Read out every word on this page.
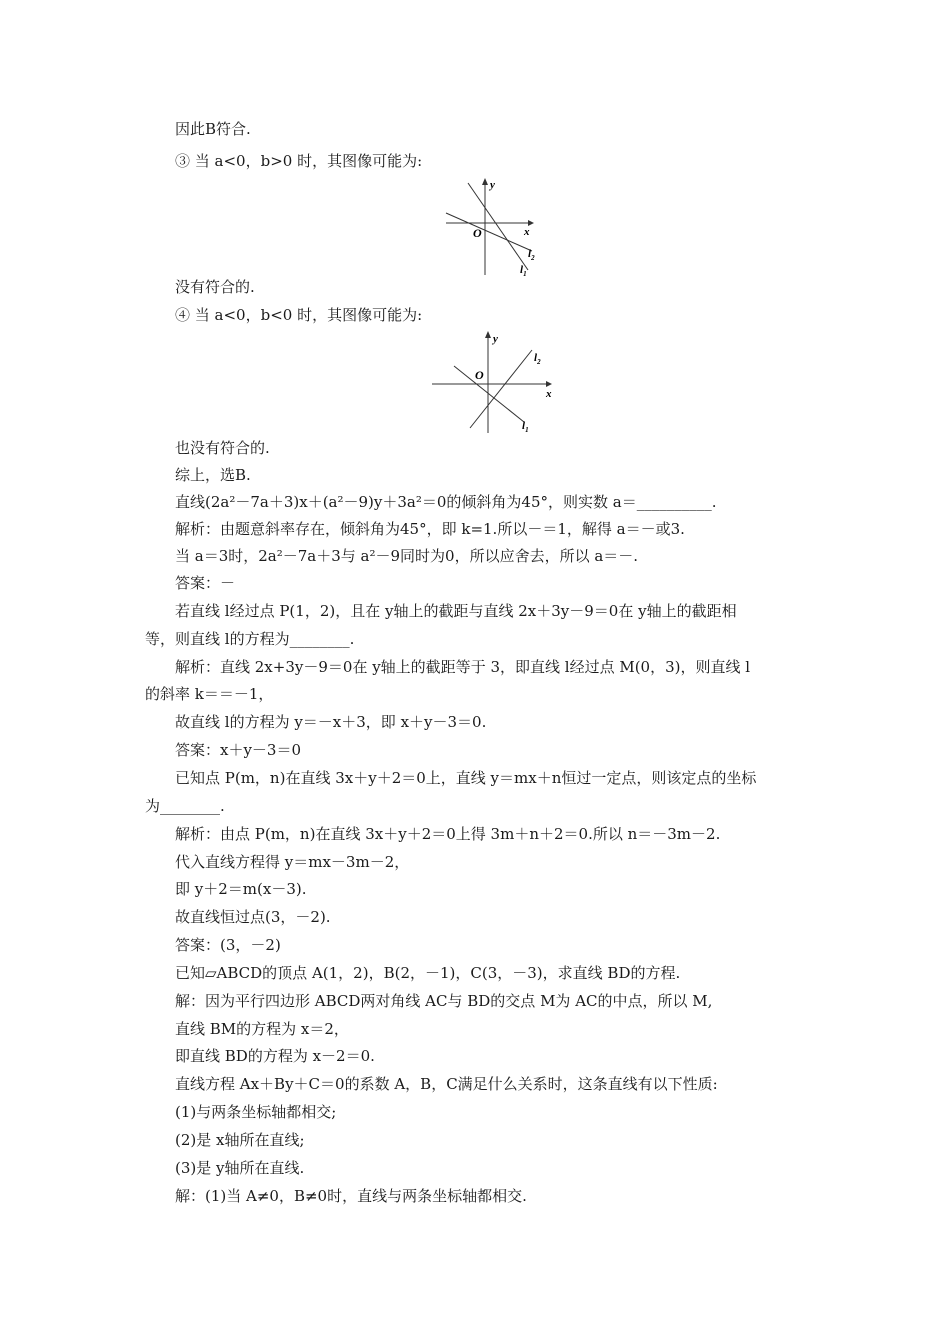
因此B符合.
③ 当 a<0，b>0 时，其图像可能为:
y
x
O
$l_2$
$l_1$
没有符合的.
④ 当 a<0，b<0 时，其图像可能为:
y
x
O
$l_2$
$l_1$
也没有符合的.
综上，选B.
直线(2a²－7a＋3)x＋(a²－9)y＋3a²＝0的倾斜角为45°，则实数 a＝__________.
解析：由题意斜率存在，倾斜角为45°，即 k=1.所以－＝1，解得 a＝－或3.
当 a＝3时，2a²－7a＋3与 a²－9同时为0，所以应舍去，所以 a＝－.
答案：－
若直线 l经过点 P(1，2)，且在 y轴上的截距与直线 2x＋3y－9＝0在 y轴上的截距相
等，则直线 l的方程为________.
解析：直线 2x+3y－9＝0在 y轴上的截距等于 3，即直线 l经过点 M(0，3)，则直线 l
的斜率 k＝＝－1，
故直线 l的方程为 y＝－x＋3，即 x＋y－3＝0.
答案：x＋y－3＝0
已知点 P(m，n)在直线 3x＋y＋2＝0上，直线 y＝mx＋n恒过一定点，则该定点的坐标
为________.
解析：由点 P(m，n)在直线 3x＋y＋2＝0上得 3m＋n＋2＝0.所以 n＝－3m－2.
代入直线方程得 y＝mx－3m－2，
即 y＋2＝m(x－3).
故直线恒过点(3，－2).
答案：(3，－2)
已知▱ABCD的顶点 A(1，2)，B(2，－1)，C(3，－3)，求直线 BD的方程.
解：因为平行四边形 ABCD两对角线 AC与 BD的交点 M为 AC的中点，所以 M,
直线 BM的方程为 x＝2，
即直线 BD的方程为 x－2＝0.
直线方程 Ax＋By＋C＝0的系数 A，B，C满足什么关系时，这条直线有以下性质:
(1)与两条坐标轴都相交;
(2)是 x轴所在直线;
(3)是 y轴所在直线.
解：(1)当 A≠0，B≠0时，直线与两条坐标轴都相交.
